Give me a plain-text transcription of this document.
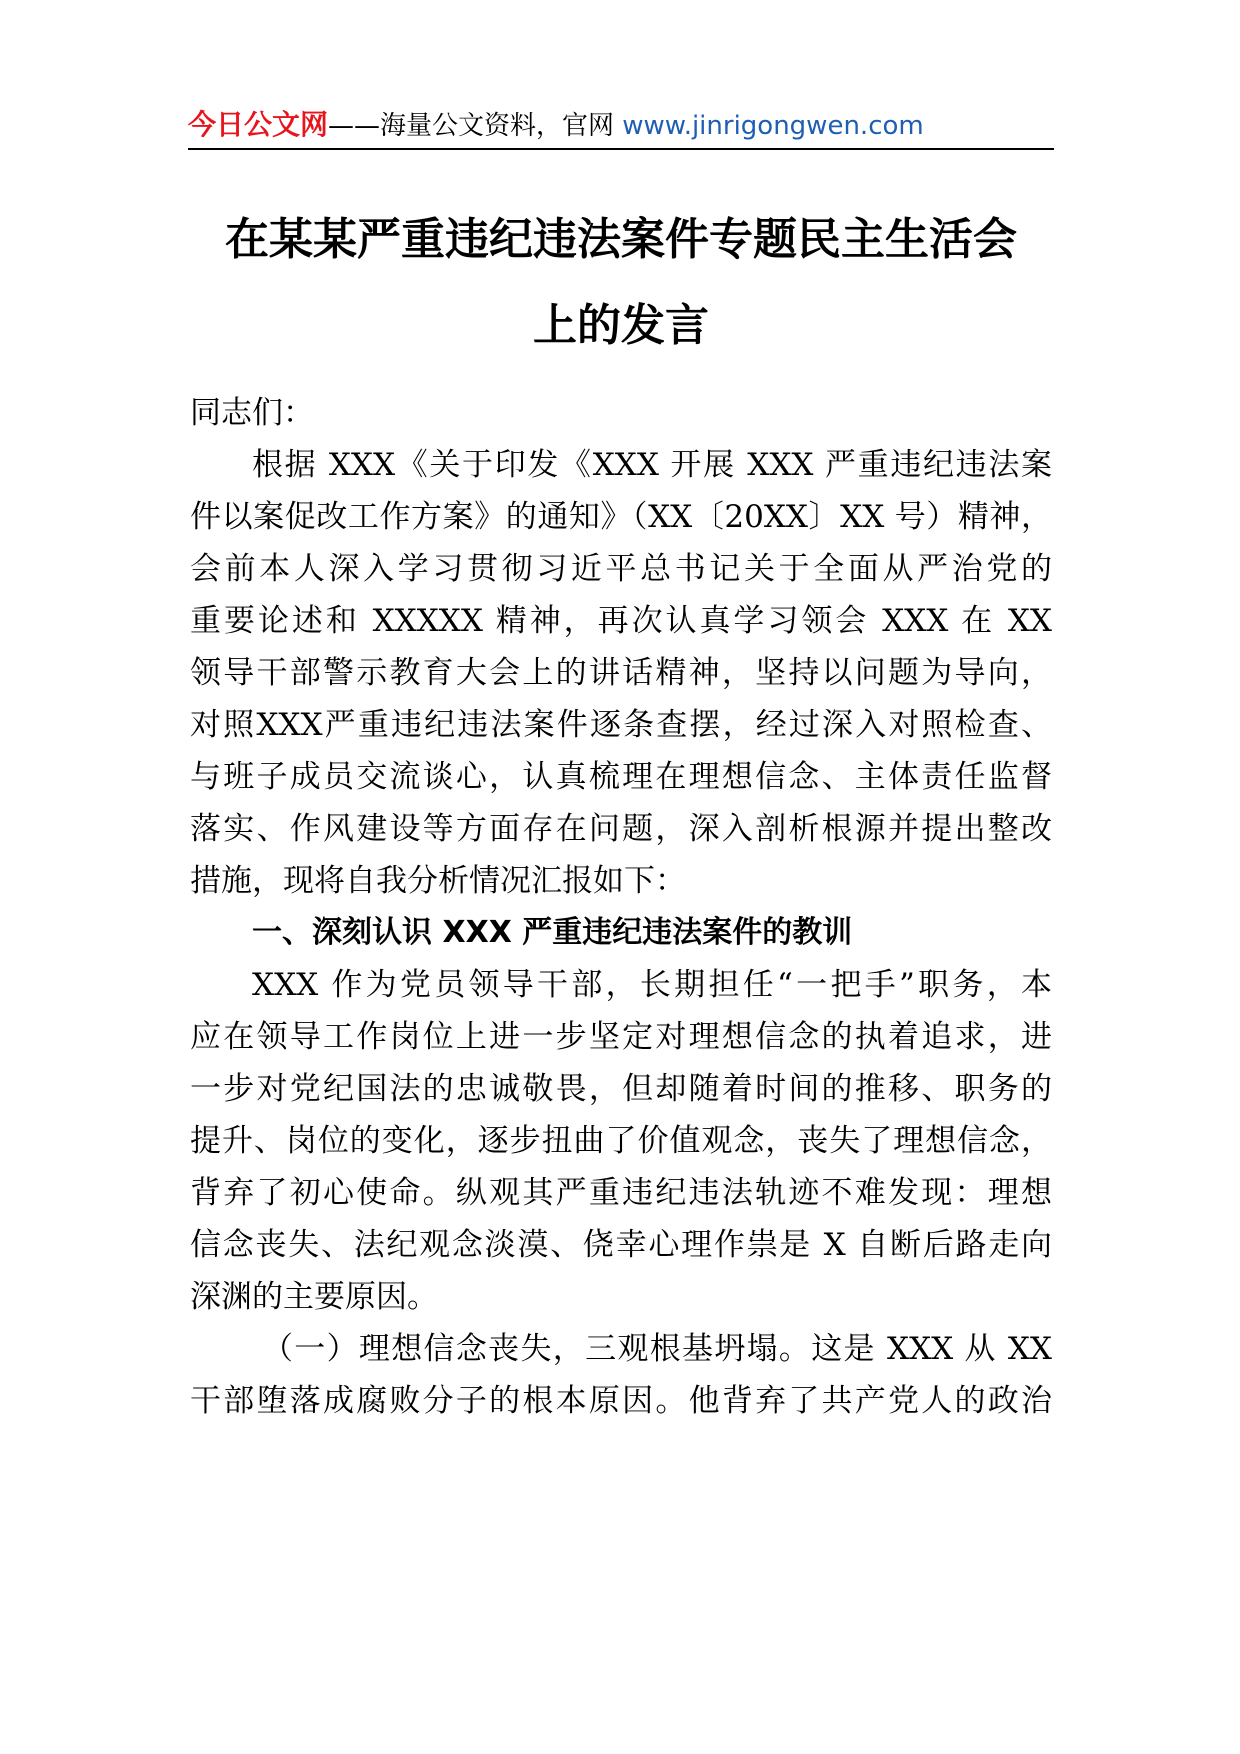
今日公文网——海量公文资料，官网 www.jinrigongwen.com
在某某严重违纪违法案件专题民主生活会
上的发言
同志们：
根据 XXX《关于印发《XXX 开展 XXX 严重违纪违法案
件以案促改工作方案》的通知》（XX〔20XX〕XX 号）精神，
会前本人深入学习贯彻习近平总书记关于全面从严治党的
重要论述和 XXXXX 精神，再次认真学习领会 XXX 在 XX
领导干部警示教育大会上的讲话精神，坚持以问题为导向，
对照XXX严重违纪违法案件逐条查摆，经过深入对照检查、
与班子成员交流谈心，认真梳理在理想信念、主体责任监督
落实、作风建设等方面存在问题，深入剖析根源并提出整改
措施，现将自我分析情况汇报如下：
一、深刻认识 XXX 严重违纪违法案件的教训
XXX 作为党员领导干部，长期担任“一把手”职务，本
应在领导工作岗位上进一步坚定对理想信念的执着追求，进
一步对党纪国法的忠诚敬畏，但却随着时间的推移、职务的
提升、岗位的变化，逐步扭曲了价值观念，丧失了理想信念，
背弃了初心使命。纵观其严重违纪违法轨迹不难发现：理想
信念丧失、法纪观念淡漠、侥幸心理作祟是 X 自断后路走向
深渊的主要原因。
（一）理想信念丧失，三观根基坍塌。这是 XXX 从 XX
干部堕落成腐败分子的根本原因。他背弃了共产党人的政治
